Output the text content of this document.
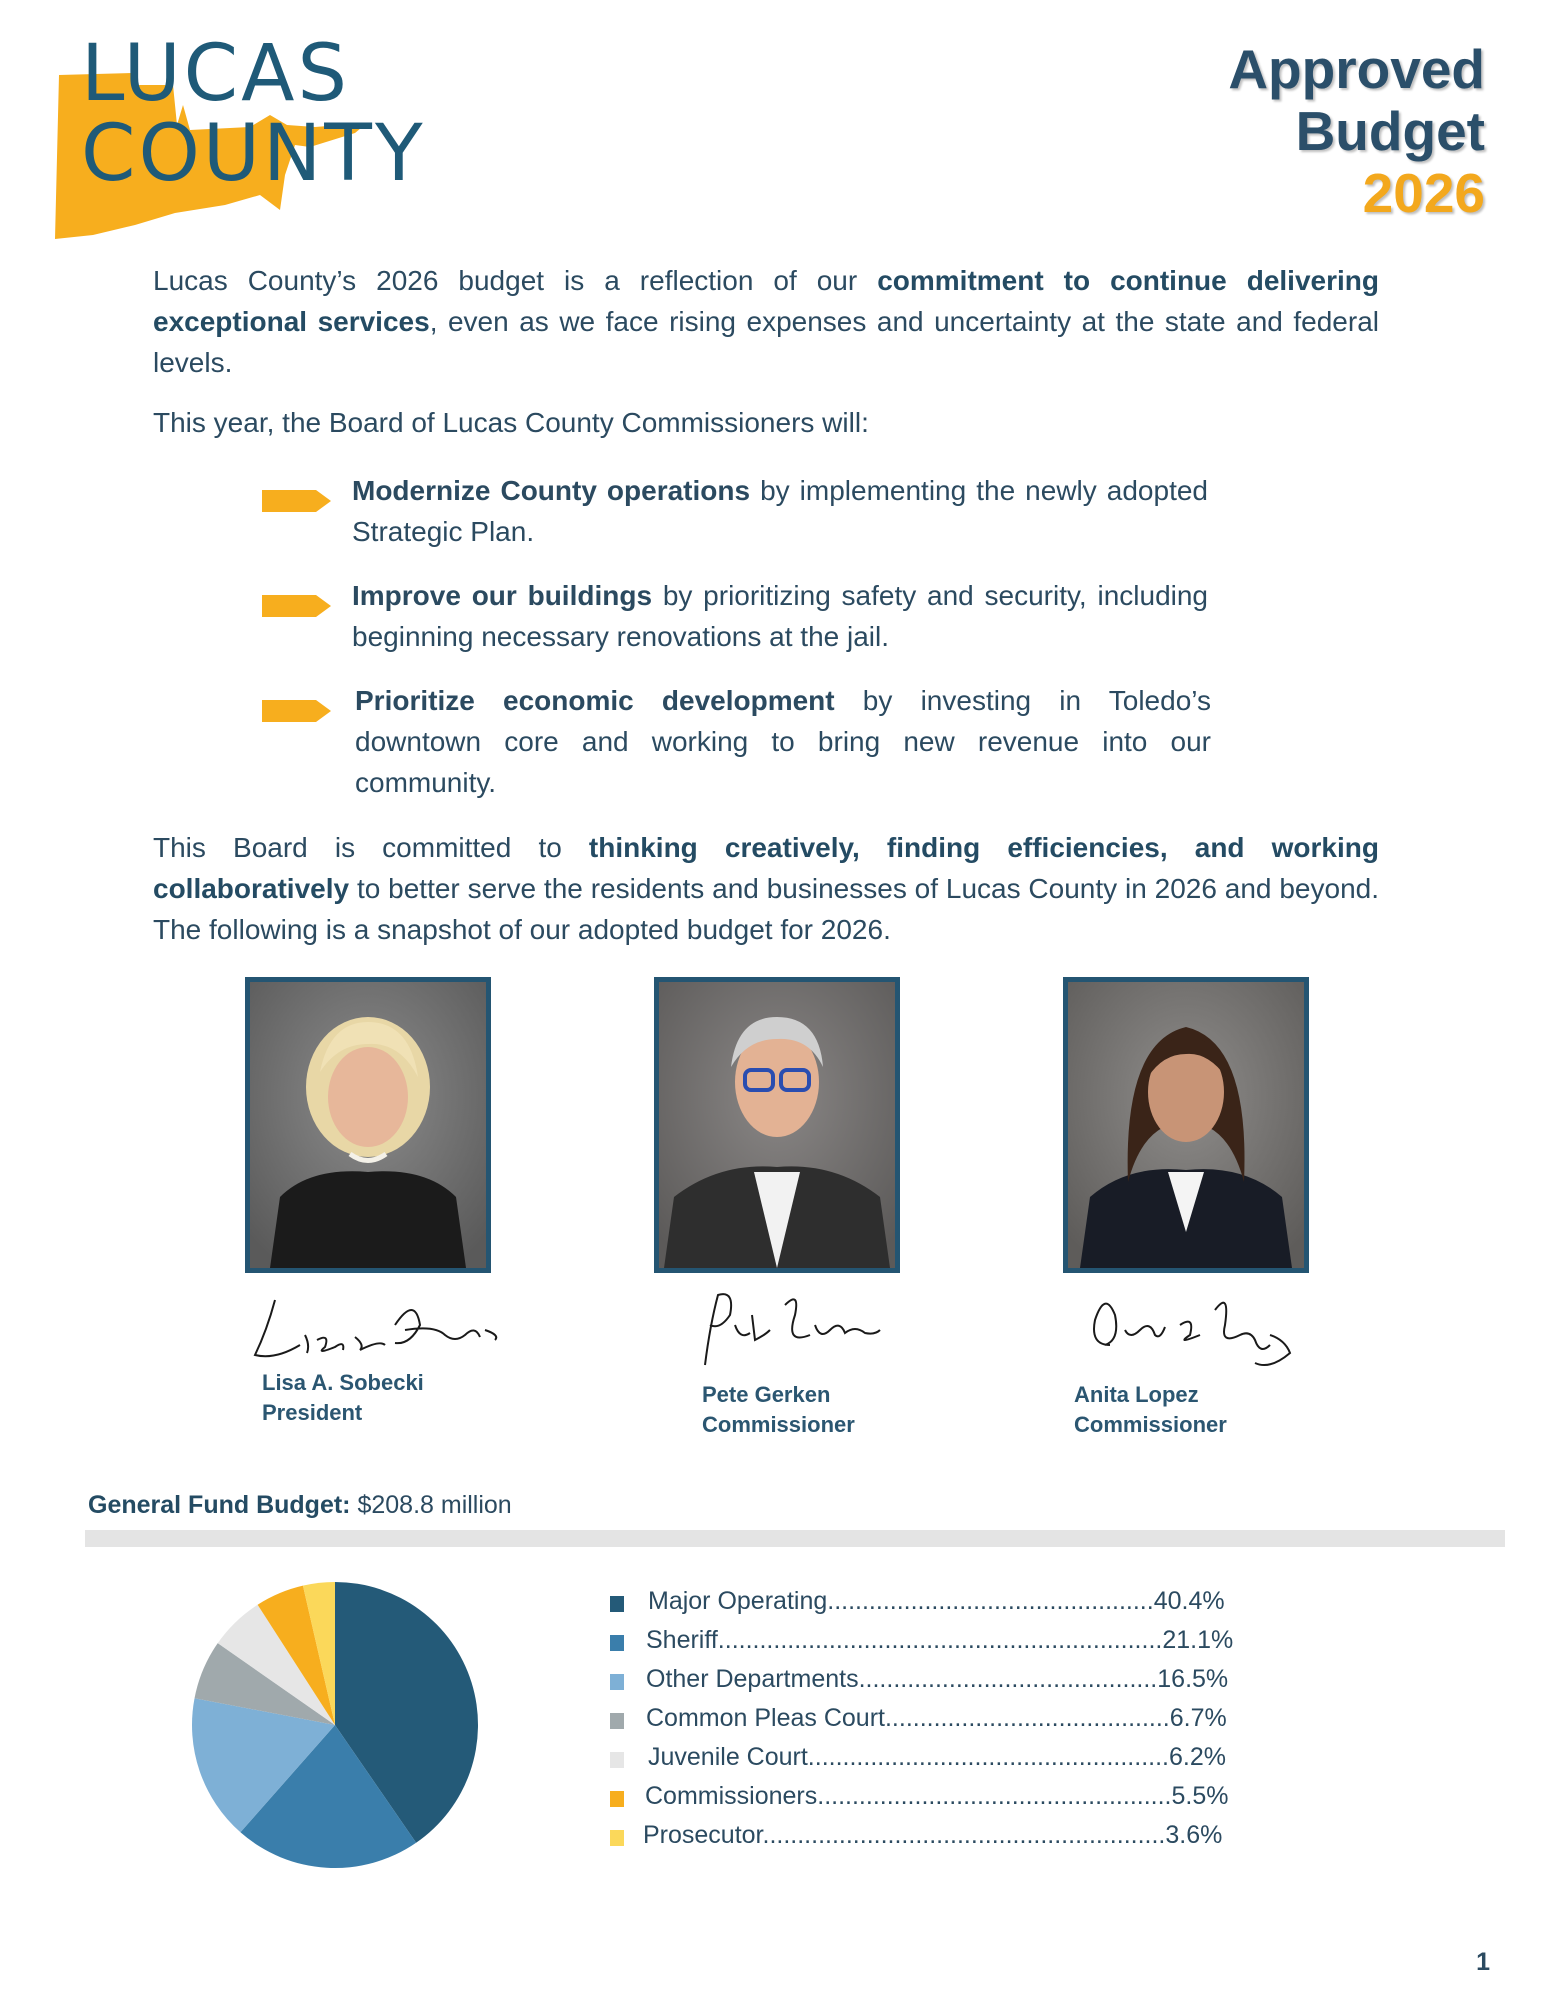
LUCAS
COUNTY
Approved
Budget
2026
Lucas County’s 2026 budget is a reflection of our commitment to continue delivering exceptional services, even as we face rising expenses and uncertainty at the state and federal levels.
This year, the Board of Lucas County Commissioners will:
Modernize County operations by implementing the newly adopted Strategic Plan.
Improve our buildings by prioritizing safety and security, including beginning necessary renovations at the jail.
Prioritize economic development by investing in Toledo’s downtown core and working to bring new revenue into our community.
This Board is committed to thinking creatively, finding efficiencies, and working collaboratively to better serve the residents and businesses of Lucas County in 2026 and beyond. The following is a snapshot of our adopted budget for 2026.
Lisa A. Sobecki
President
Pete Gerken
Commissioner
Anita Lopez
Commissioner
General Fund Budget: $208.8 million
Major Operating...............................................40.4%
Sheriff................................................................21.1%
Other Departments...........................................16.5%
Common Pleas Court.........................................6.7%
Juvenile Court....................................................6.2%
Commissioners...................................................5.5%
Prosecutor..........................................................3.6%
1
